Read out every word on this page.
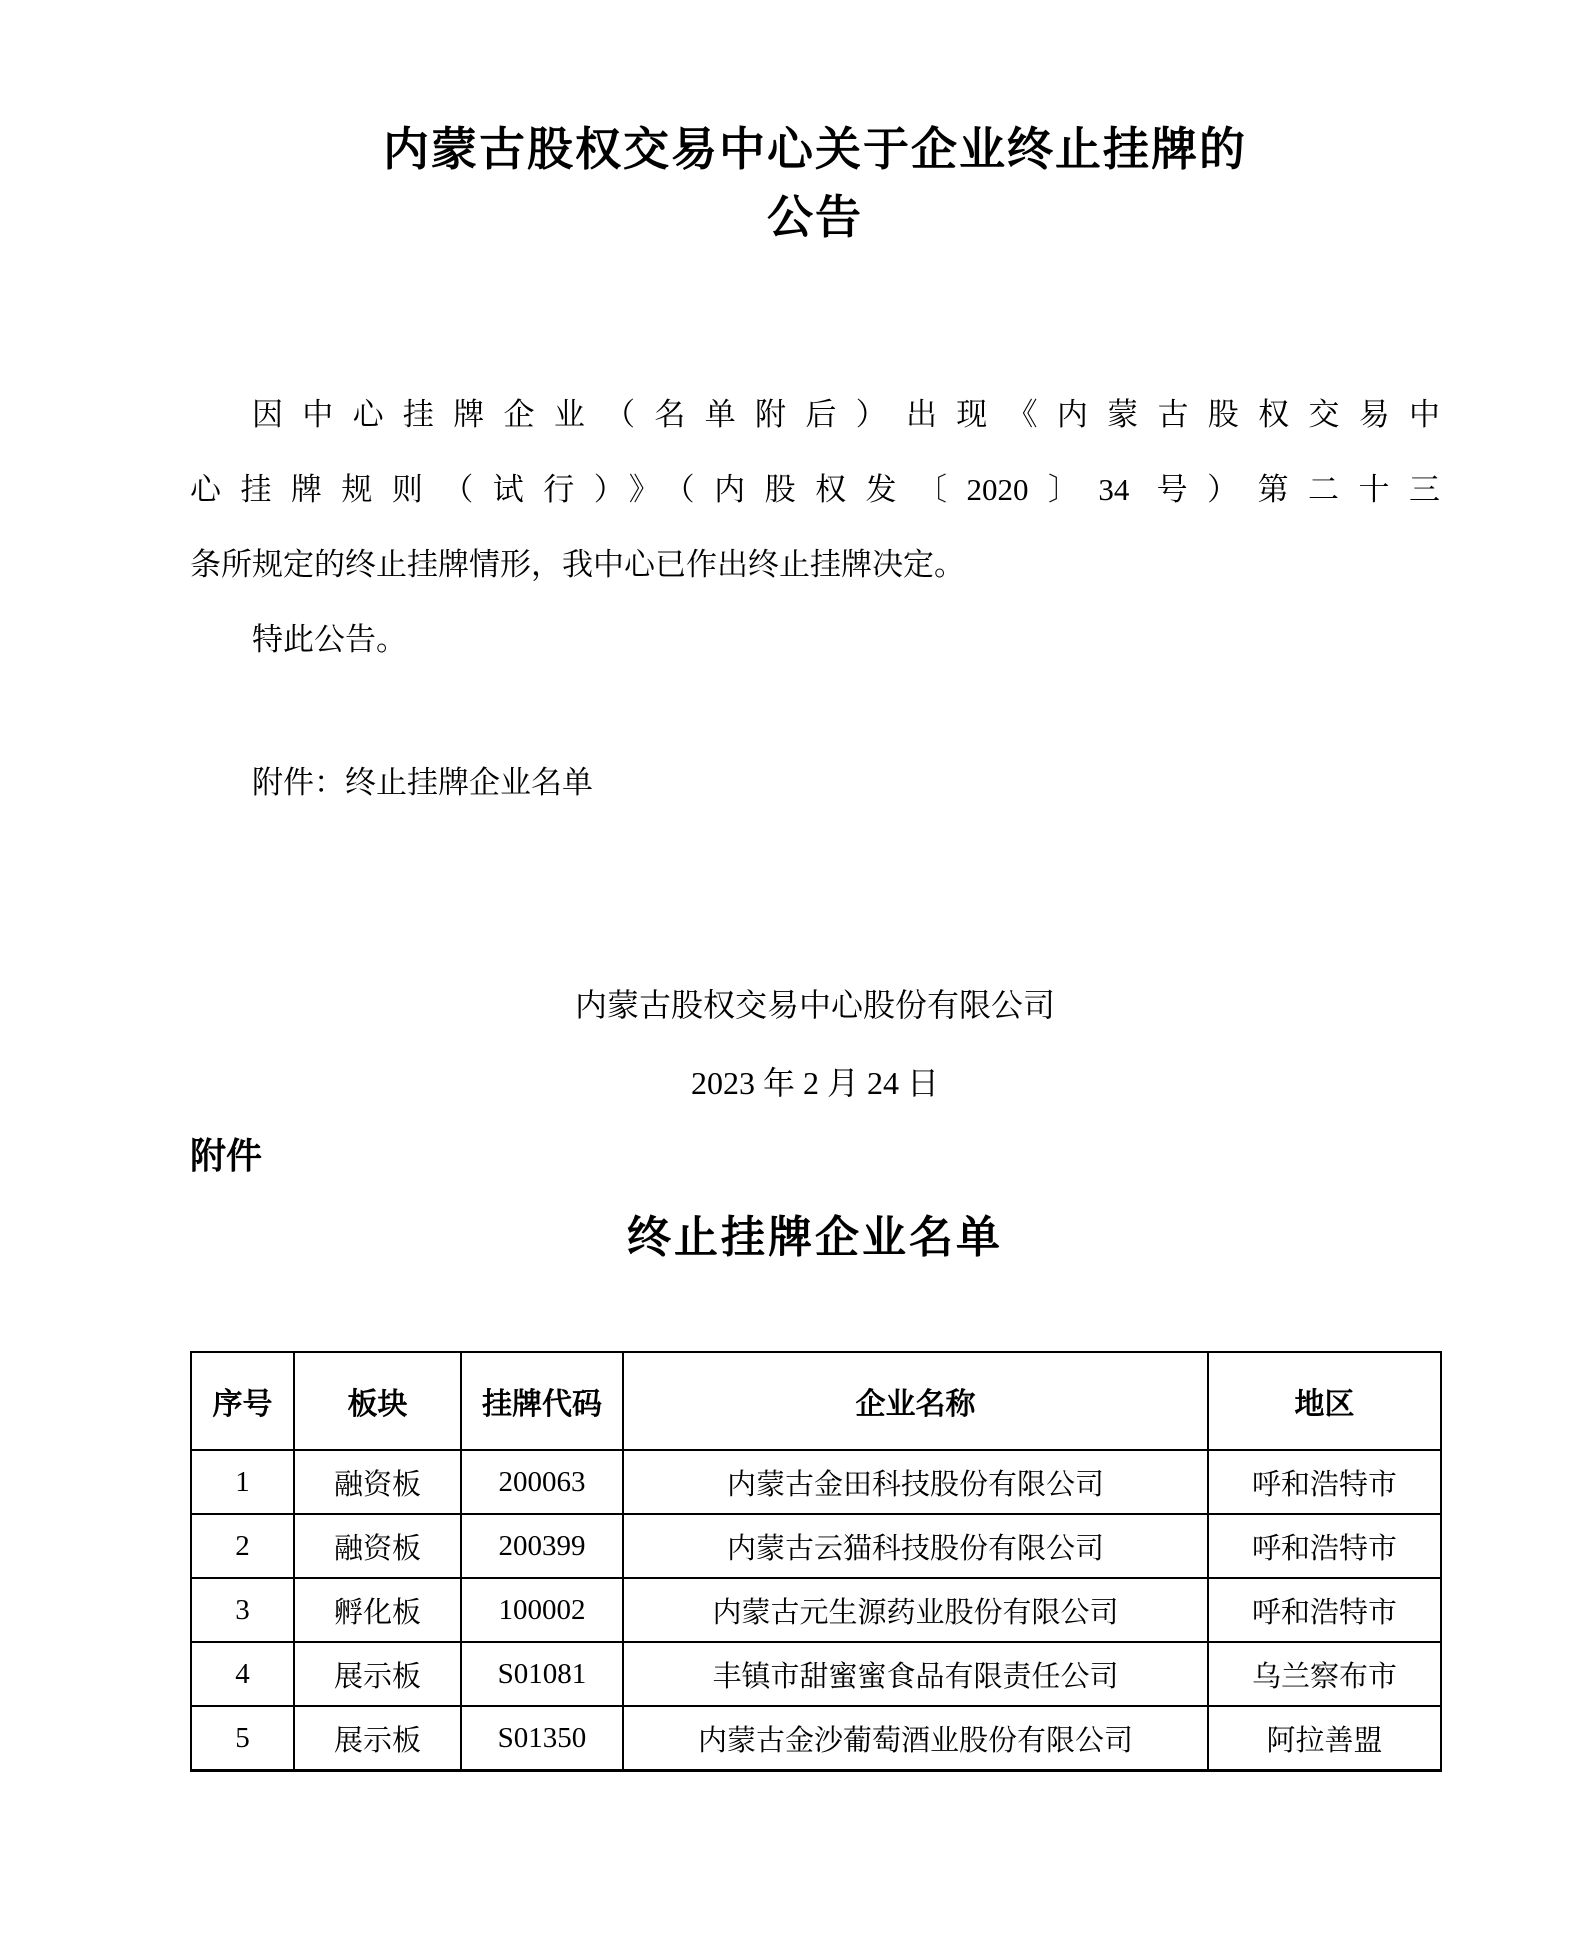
内蒙古股权交易中心关于企业终止挂牌的
公告
因中心挂牌企业（名单附后）出现《内蒙古股权交易中
心挂牌规则（试行）》（内股权发〔2020〕34 号）第二十三
条所规定的终止挂牌情形，我中心已作出终止挂牌决定。
特此公告。
附件：终止挂牌企业名单
内蒙古股权交易中心股份有限公司
2023 年 2 月 24 日
附件
终止挂牌企业名单
序号	板块	挂牌代码	企业名称	地区
1	融资板	200063	内蒙古金田科技股份有限公司	呼和浩特市
2	融资板	200399	内蒙古云猫科技股份有限公司	呼和浩特市
3	孵化板	100002	内蒙古元生源药业股份有限公司	呼和浩特市
4	展示板	S01081	丰镇市甜蜜蜜食品有限责任公司	乌兰察布市
5	展示板	S01350	内蒙古金沙葡萄酒业股份有限公司	阿拉善盟
